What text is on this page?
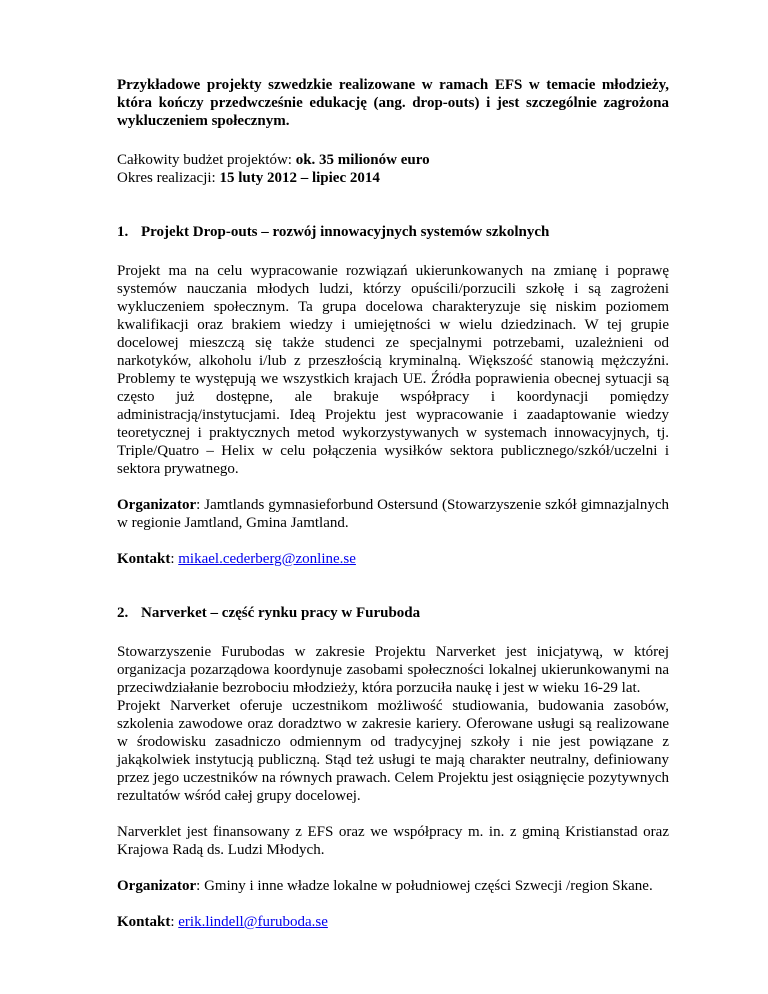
Przykładowe projekty szwedzkie realizowane w ramach EFS w temacie młodzieży, która kończy przedwcześnie edukację (ang. drop-outs) i jest szczególnie zagrożona wykluczeniem społecznym.

Całkowity budżet projektów: ok. 35 milionów euro

Okres realizacji: 15 luty 2012 – lipiec 2014

1. Projekt Drop-outs – rozwój innowacyjnych systemów szkolnych

Projekt ma na celu wypracowanie rozwiązań ukierunkowanych na zmianę i poprawę systemów nauczania młodych ludzi, którzy opuścili/porzucili szkołę i są zagrożeni wykluczeniem społecznym. Ta grupa docelowa charakteryzuje się niskim poziomem kwalifikacji oraz brakiem wiedzy i umiejętności w wielu dziedzinach. W tej grupie docelowej mieszczą się także studenci ze specjalnymi potrzebami, uzależnieni od narkotyków, alkoholu i/lub z przeszłością kryminalną. Większość stanowią mężczyźni. Problemy te występują we wszystkich krajach UE. Źródła poprawienia obecnej sytuacji są często już dostępne, ale brakuje współpracy i koordynacji pomiędzy administracją/instytucjami. Ideą Projektu jest wypracowanie i zaadaptowanie wiedzy teoretycznej i praktycznych metod wykorzystywanych w systemach innowacyjnych, tj. Triple/Quatro – Helix w celu połączenia wysiłków sektora publicznego/szkół/uczelni i sektora prywatnego.

Organizator: Jamtlands gymnasieforbund Ostersund (Stowarzyszenie szkół gimnazjalnych w regionie Jamtland, Gmina Jamtland.

Kontakt: mikael.cederberg@zonline.se

2. Narverket – część rynku pracy w Furuboda

Stowarzyszenie Furubodas w zakresie Projektu Narverket jest inicjatywą, w której organizacja pozarządowa koordynuje zasobami społeczności lokalnej ukierunkowanymi na przeciwdziałanie bezrobociu młodzieży, która porzuciła naukę i jest w wieku 16-29 lat.

Projekt Narverket oferuje uczestnikom możliwość studiowania, budowania zasobów, szkolenia zawodowe oraz doradztwo w zakresie kariery. Oferowane usługi są realizowane w środowisku zasadniczo odmiennym od tradycyjnej szkoły i nie jest powiązane z jakąkolwiek instytucją publiczną. Stąd też usługi te mają charakter neutralny, definiowany przez jego uczestników na równych prawach. Celem Projektu jest osiągnięcie pozytywnych rezultatów wśród całej grupy docelowej.

Narverklet jest finansowany z EFS oraz we współpracy m. in. z gminą Kristianstad oraz Krajowa Radą ds. Ludzi Młodych.

Organizator: Gminy i inne władze lokalne w południowej części Szwecji /region Skane.

Kontakt: erik.lindell@furuboda.se
